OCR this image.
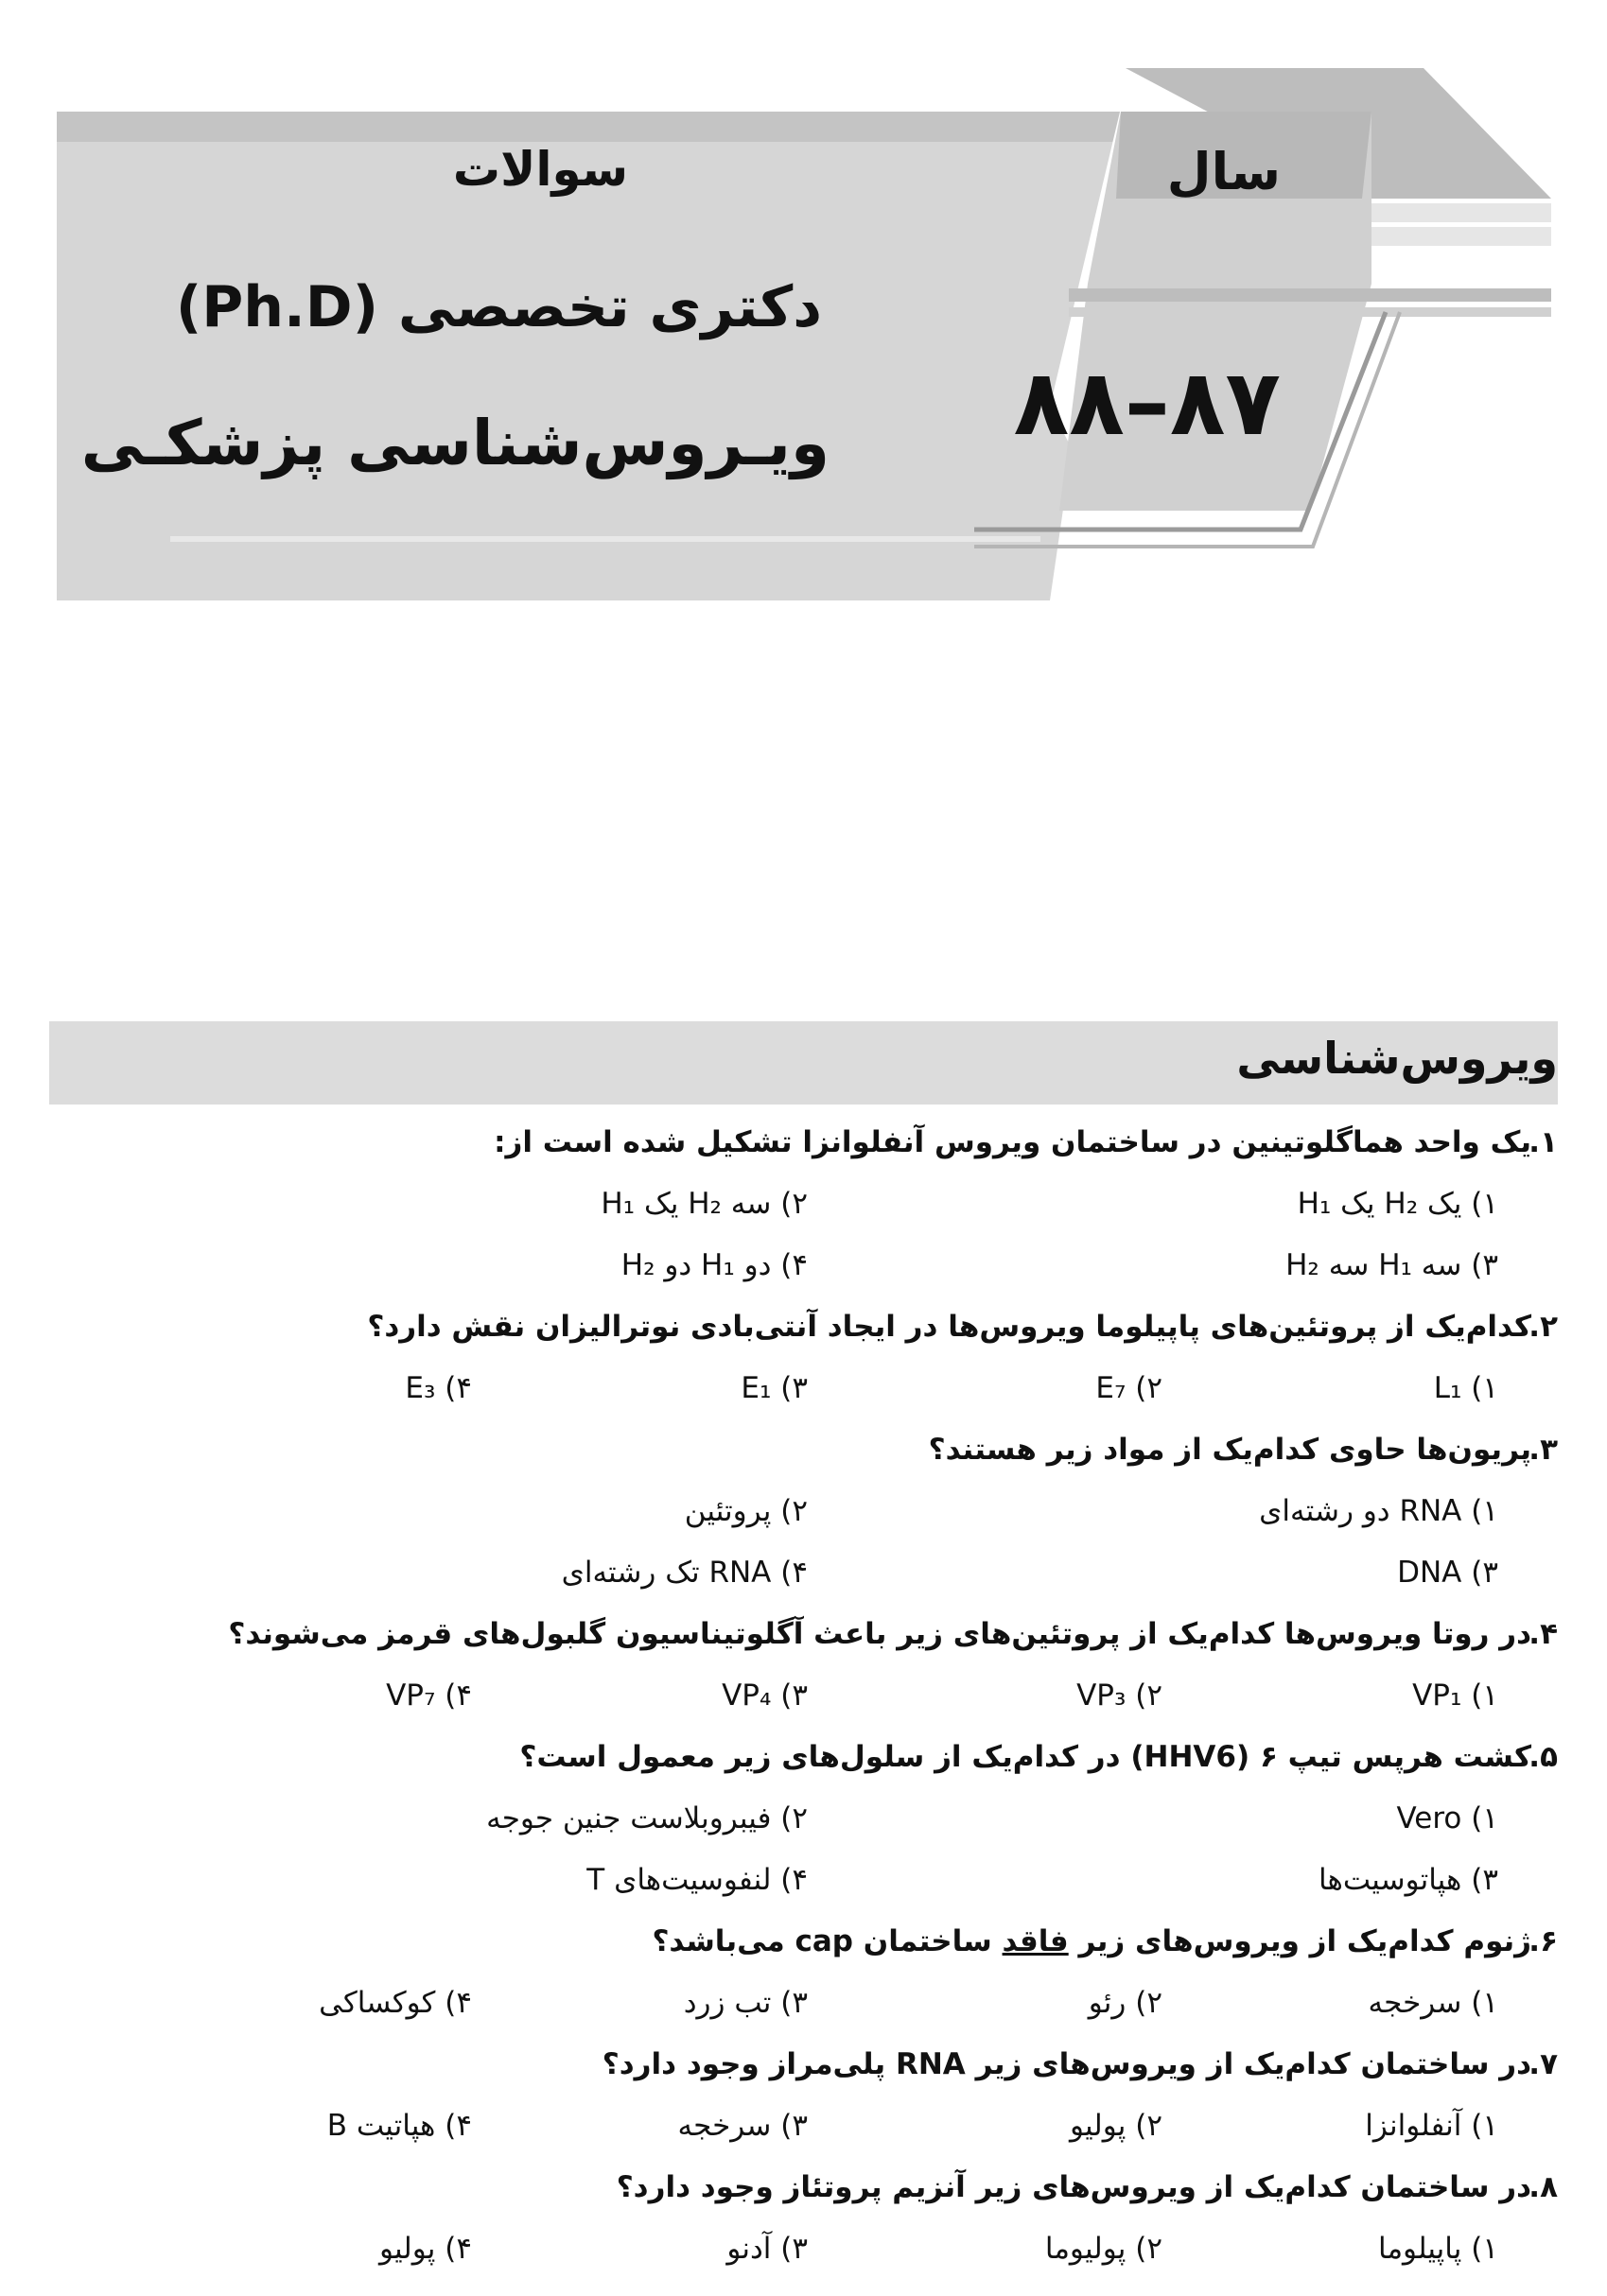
سوالات	سال
دکتری تخصصی (Ph.D)
ویـروس‌شناسی پزشکـی ۸۸–۸۷
ویروس‌شناسی
۱.
یک واحد هماگلوتینین در ساختمان ویروس آنفلوانزا تشکیل شده است از:
۱) یک H₂ یک H₁
۲) سه H₂ یک H₁
۳) سه H₁ سه H₂
۴) دو H₁ دو H₂
۲.
کدام‌یک از پروتئین‌های پاپیلوما ویروس‌ها در ایجاد آنتی‌بادی نوترالیزان نقش دارد؟
۱) L₁
۲) E₇
۳) E₁
۴) E₃
۳.
پریون‌ها حاوی کدام‌یک از مواد زیر هستند؟
۱) RNA دو رشته‌ای
۲) پروتئین
۳) DNA
۴) RNA تک رشته‌ای
۴.
در روتا ویروس‌ها کدام‌یک از پروتئین‌های زیر باعث آگلوتیناسیون گلبول‌های قرمز می‌شوند؟
۱) VP₁
۲) VP₃
۳) VP₄
۴) VP₇
۵.
کشت هرپس تیپ ۶ (HHV6) در کدام‌یک از سلول‌های زیر معمول است؟
۱) Vero
۲) فیبروبلاست جنین جوجه
۳) هپاتوسیت‌ها
۴) لنفوسیت‌های T
۶.
ژنوم کدام‌یک از ویروس‌های زیر فاقد ساختمان cap می‌باشد؟
۱) سرخجه
۲) رئو
۳) تب زرد
۴) کوکساکی
۷.
در ساختمان کدام‌یک از ویروس‌های زیر RNA پلی‌مراز وجود دارد؟
۱) آنفلوانزا
۲) پولیو
۳) سرخجه
۴) هپاتیت B
۸.
در ساختمان کدام‌یک از ویروس‌های زیر آنزیم پروتئاز وجود دارد؟
۱) پاپیلوما
۲) پولیوما
۳) آدنو
۴) پولیو
